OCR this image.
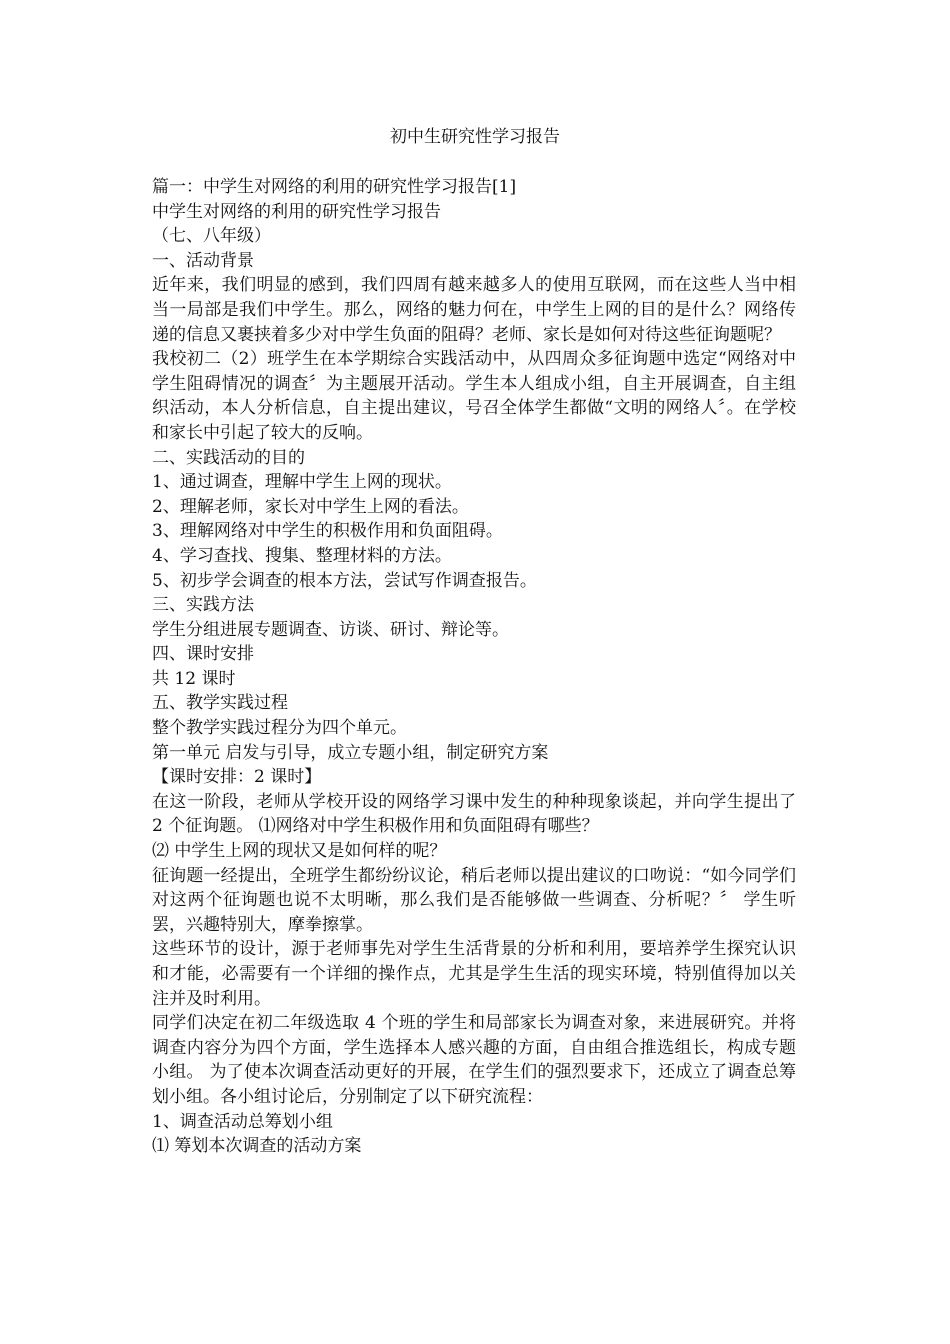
初中生研究性学习报告

篇一：中学生对网络的利用的研究性学习报告[1]

中学生对网络的利用的研究性学习报告

（七、八年级）

一、活动背景

近年来，我们明显的感到，我们四周有越来越多人的使用互联网，而在这些人当中相当一局部是我们中学生。那么，网络的魅力何在，中学生上网的目的是什么？网络传递的信息又裹挟着多少对中学生负面的阻碍？老师、家长是如何对待这些征询题呢？

我校初二（2）班学生在本学期综合实践活动中，从四周众多征询题中选定“网络对中学生阻碍情况的调查〞为主题展开活动。学生本人组成小组，自主开展调查，自主组织活动，本人分析信息，自主提出建议，号召全体学生都做“文明的网络人〞。在学校和家长中引起了较大的反响。

二、实践活动的目的

1、通过调查，理解中学生上网的现状。

2、理解老师，家长对中学生上网的看法。

3、理解网络对中学生的积极作用和负面阻碍。

4、学习查找、搜集、整理材料的方法。

5、初步学会调查的根本方法，尝试写作调查报告。

三、实践方法

学生分组进展专题调查、访谈、研讨、辩论等。

四、课时安排

共 12 课时

五、教学实践过程

整个教学实践过程分为四个单元。

第一单元 启发与引导，成立专题小组，制定研究方案

【课时安排：2 课时】

在这一阶段，老师从学校开设的网络学习课中发生的种种现象谈起，并向学生提出了 2 个征询题。 ⑴网络对中学生积极作用和负面阻碍有哪些？

⑵ 中学生上网的现状又是如何样的呢？

征询题一经提出，全班学生都纷纷议论，稍后老师以提出建议的口吻说：“如今同学们对这两个征询题也说不太明晰，那么我们是否能够做一些调查、分析呢？〞 学生听罢，兴趣特别大，摩拳擦掌。

这些环节的设计，源于老师事先对学生生活背景的分析和利用，要培养学生探究认识和才能，必需要有一个详细的操作点，尤其是学生生活的现实环境，特别值得加以关注并及时利用。

同学们决定在初二年级选取 4 个班的学生和局部家长为调查对象，来进展研究。并将调查内容分为四个方面，学生选择本人感兴趣的方面，自由组合推选组长，构成专题小组。 为了使本次调查活动更好的开展，在学生们的强烈要求下，还成立了调查总筹划小组。各小组讨论后，分别制定了以下研究流程：

1、调查活动总筹划小组

⑴ 筹划本次调查的活动方案
